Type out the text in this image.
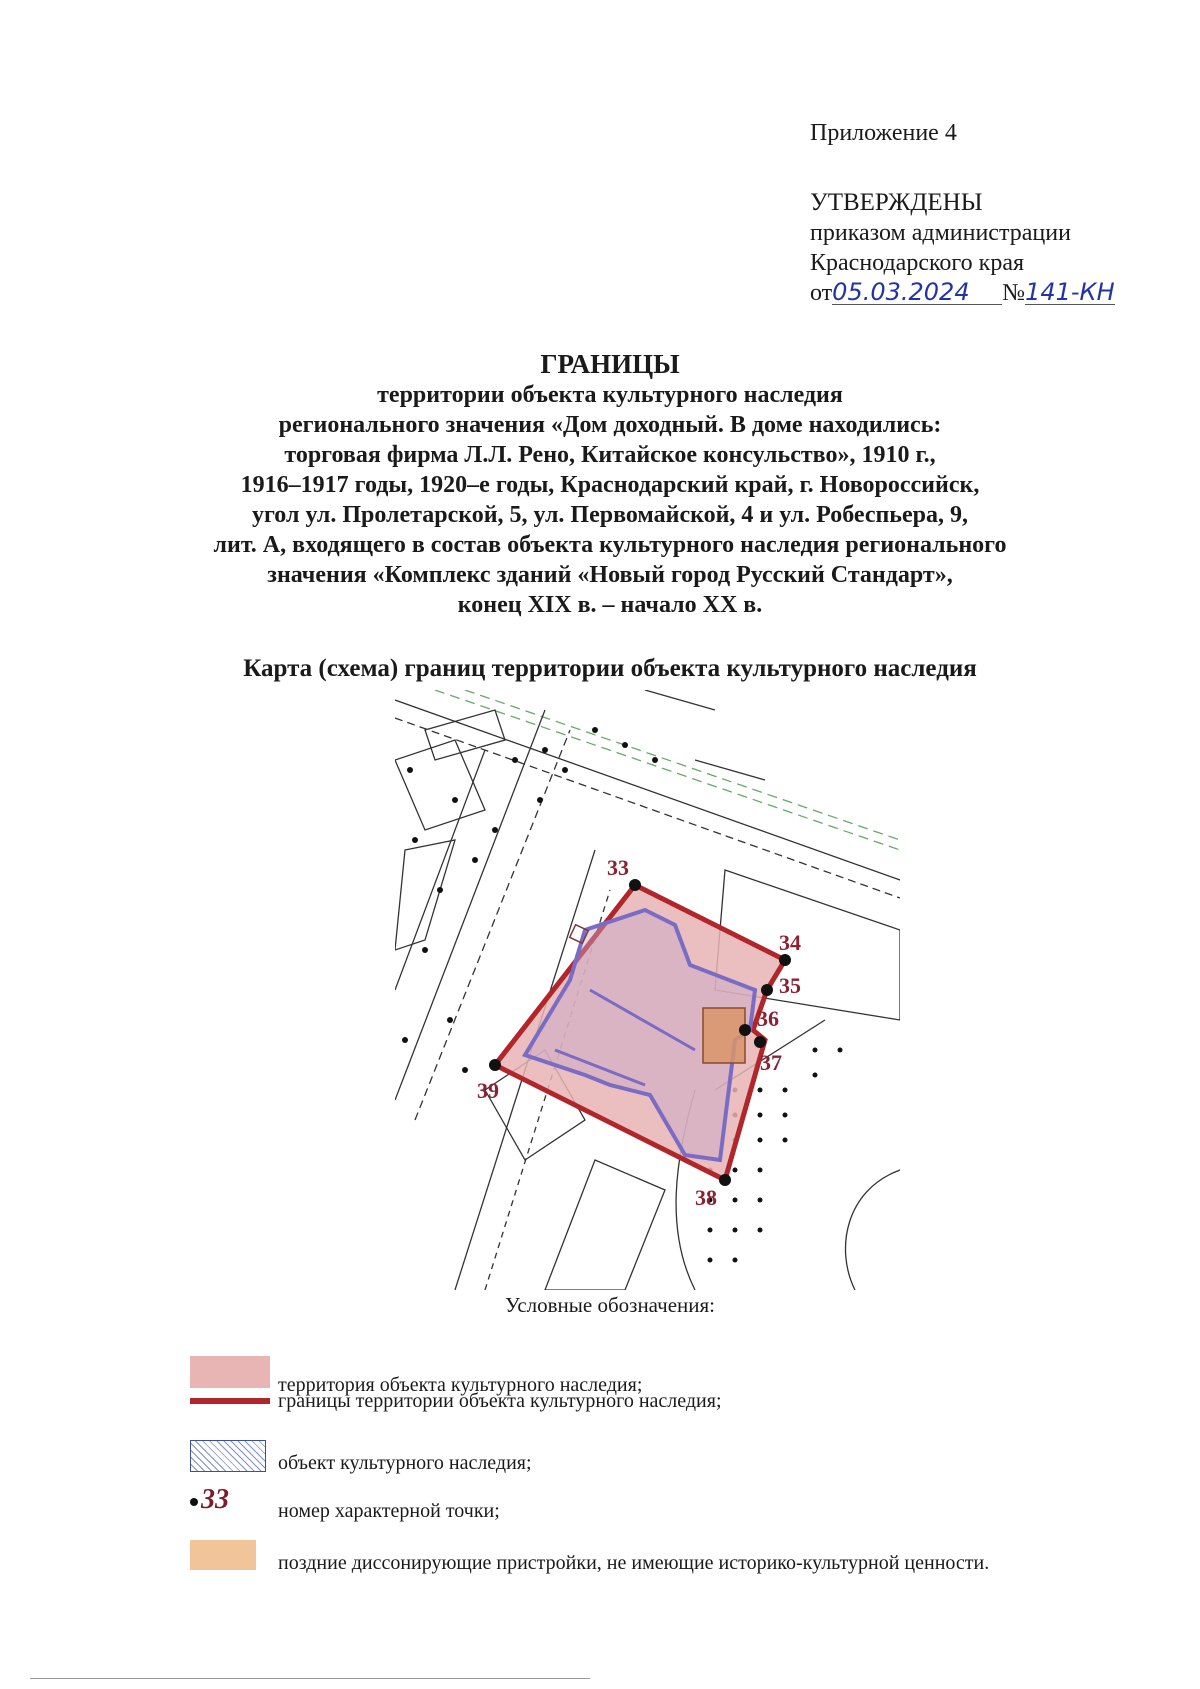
Приложение 4
УТВЕРЖДЕНЫ
приказом администрации
Краснодарского края
от05.03.2024 №141-КН
ГРАНИЦЫ
территории объекта культурного наследия
регионального значения «Дом доходный. В доме находились:
торговая фирма Л.Л. Рено, Китайское консульство», 1910 г.,
1916–1917 годы, 1920–е годы, Краснодарский край, г. Новороссийск,
угол ул. Пролетарской, 5, ул. Первомайской, 4 и ул. Робеспьера, 9,
лит. А, входящего в состав объекта культурного наследия регионального
значения «Комплекс зданий «Новый город Русский Стандарт»,
конец XIX в. – начало XX в.
Карта (схема) границ территории объекта культурного наследия
33
34
35
36
37
38
39
Условные обозначения:
территория объекта культурного наследия;
границы территории объекта культурного наследия;
объект культурного наследия;
33 номер характерной точки;
поздние диссонирующие пристройки, не имеющие историко-культурной ценности.
